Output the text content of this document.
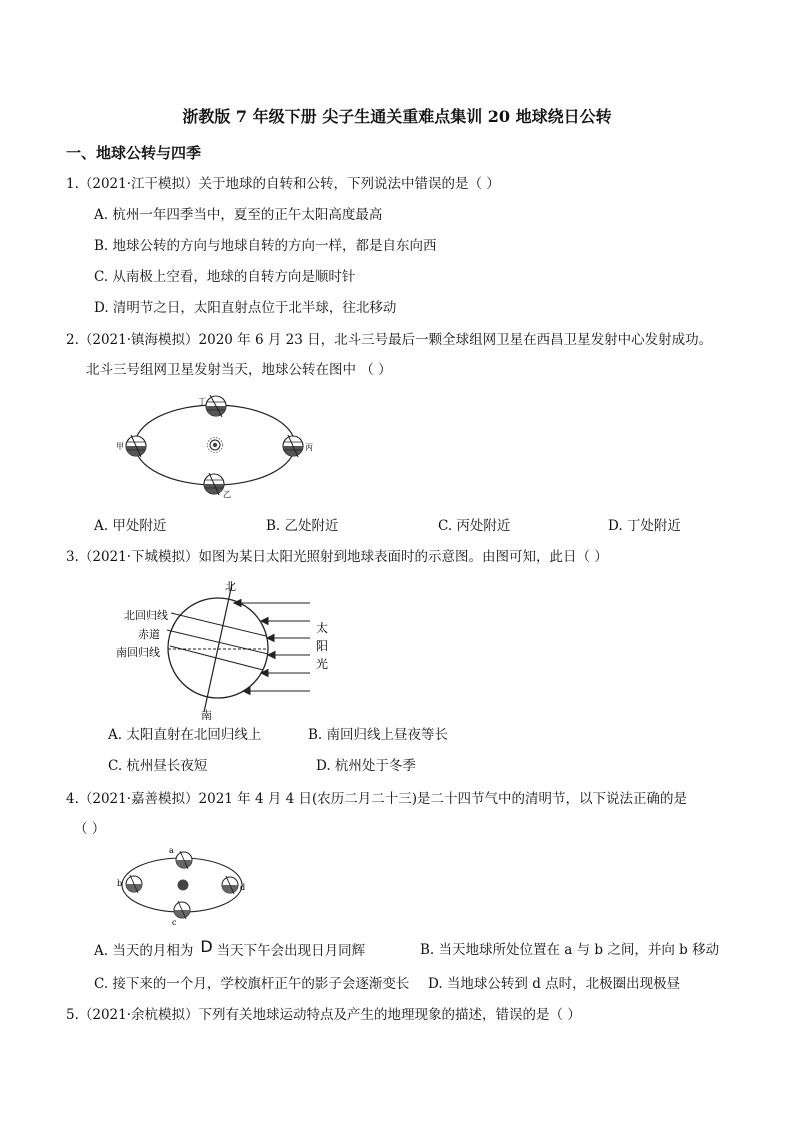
浙教版 7 年级下册 尖子生通关重难点集训 20 地球绕日公转
一、地球公转与四季
1.（2021·江干模拟）关于地球的自转和公转，下列说法中错误的是（ ）
A. 杭州一年四季当中，夏至的正午太阳高度最高
B. 地球公转的方向与地球自转的方向一样，都是自东向西
C. 从南极上空看，地球的自转方向是顺时针
D. 清明节之日，太阳直射点位于北半球，往北移动
2.（2021·镇海模拟）2020 年 6 月 23 日，北斗三号最后一颗全球组网卫星在西昌卫星发射中心发射成功。
北斗三号组网卫星发射当天，地球公转在图中 （ ）
丁
甲	丙
乙
A. 甲处附近	B. 乙处附近	C. 丙处附近	D. 丁处附近
3.（2021·下城模拟）如图为某日太阳光照射到地球表面时的示意图。由图可知，此日（ ）
北
南
北回归线
赤道
南回归线
太
阳
光
A. 太阳直射在北回归线上	B. 南回归线上昼夜等长
C. 杭州昼长夜短	D. 杭州处于冬季
4.（2021·嘉善模拟）2021 年 4 月 4 日(农历二月二十三)是二十四节气中的清明节，以下说法正确的是
（ ）
a
b
c
d
A. 当天的月相为 D 当天下午会出现日月同辉	B. 当天地球所处位置在 a 与 b 之间，并向 b 移动
C. 接下来的一个月，学校旗杆正午的影子会逐渐变长 D. 当地球公转到 d 点时，北极圈出现极昼
5.（2021·余杭模拟）下列有关地球运动特点及产生的地理现象的描述，错误的是（ ）
